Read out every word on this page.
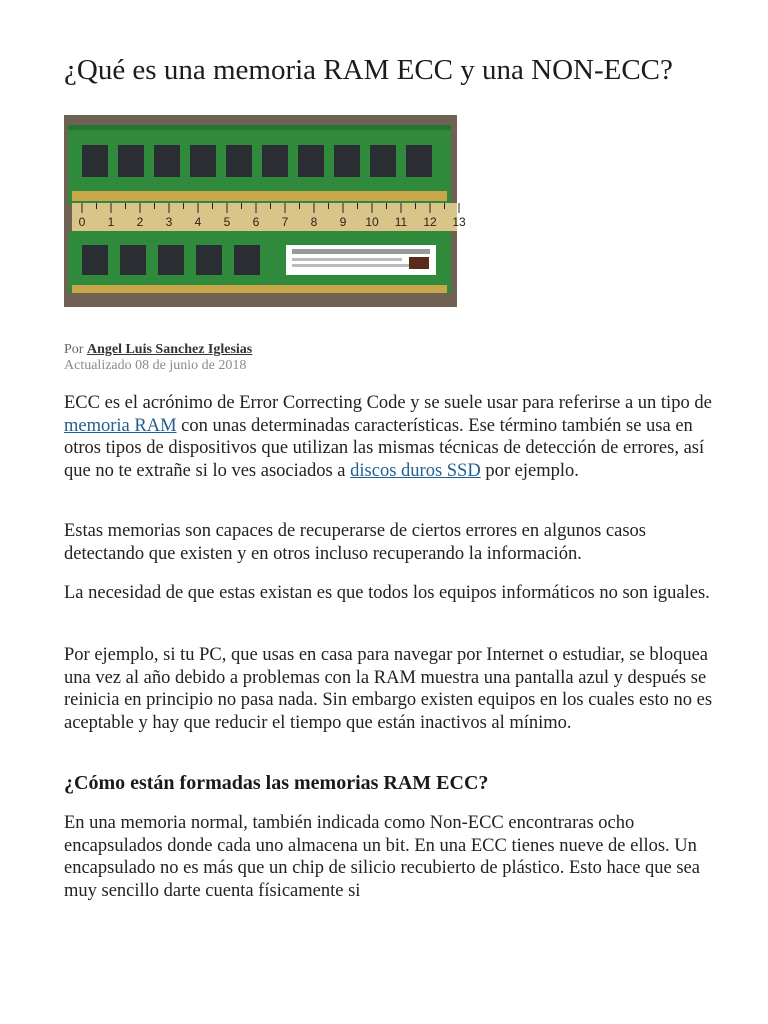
¿Qué es una memoria RAM ECC y una NON-ECC?
0 1 2 3 4 5 6 7 8 9 10 11 12 13
Por Angel Luis Sanchez Iglesias
Actualizado 08 de junio de 2018

ECC es el acrónimo de Error Correcting Code y se suele usar para referirse a un tipo de memoria RAM con unas determinadas características. Ese término también se usa en otros tipos de dispositivos que utilizan las mismas técnicas de detección de errores, así que no te extrañe si lo ves asociados a discos duros SSD por ejemplo.

Estas memorias son capaces de recuperarse de ciertos errores en algunos casos detectando que existen y en otros incluso recuperando la información.

La necesidad de que estas existan es que todos los equipos informáticos no son iguales.

Por ejemplo, si tu PC, que usas en casa para navegar por Internet o estudiar, se bloquea una vez al año debido a problemas con la RAM muestra una pantalla azul y después se reinicia en principio no pasa nada. Sin embargo existen equipos en los cuales esto no es aceptable y hay que reducir el tiempo que están inactivos al mínimo.

¿Cómo están formadas las memorias RAM ECC?

En una memoria normal, también indicada como Non-ECC encontraras ocho encapsulados donde cada uno almacena un bit. En una ECC tienes nueve de ellos. Un encapsulado no es más que un chip de silicio recubierto de plástico. Esto hace que sea muy sencillo darte cuenta físicamente si
